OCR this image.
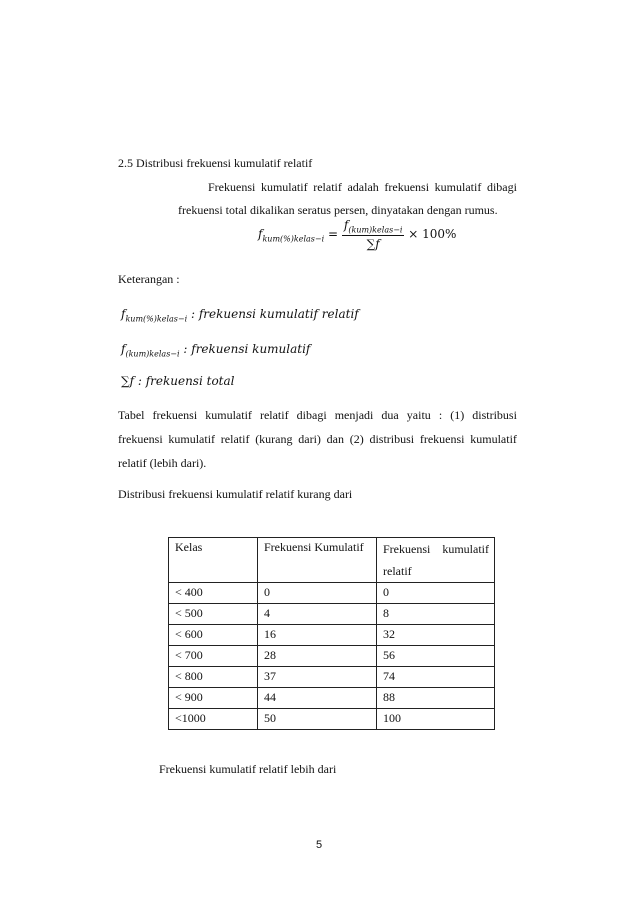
2.5 Distribusi frekuensi kumulatif relatif
Frekuensi kumulatif relatif adalah frekuensi kumulatif dibagi
frekuensi total dikalikan seratus persen, dinyatakan dengan rumus.
$f_{kum(\%)kelas-i} = \frac{f_{(kum)kelas-i}}{\sum f} \times 100\%$
Keterangan :
$f_{kum(\%)kelas-i}$ : frekuensi kumulatif relatif
$f_{(kum)kelas-i}$ : frekuensi kumulatif
∑f : frekuensi total
Tabel frekuensi kumulatif relatif dibagi menjadi dua yaitu : (1) distribusi
frekuensi kumulatif relatif (kurang dari) dan (2) distribusi frekuensi kumulatif
relatif (lebih dari).
Distribusi frekuensi kumulatif relatif kurang dari
Kelas	Frekuensi Kumulatif	Frekuensi kumulatif
relatif

< 400	0	0
< 500	4	8
< 600	16	32
< 700	28	56
< 800	37	74
< 900	44	88
<1000	50	100
Frekuensi kumulatif relatif lebih dari
5
